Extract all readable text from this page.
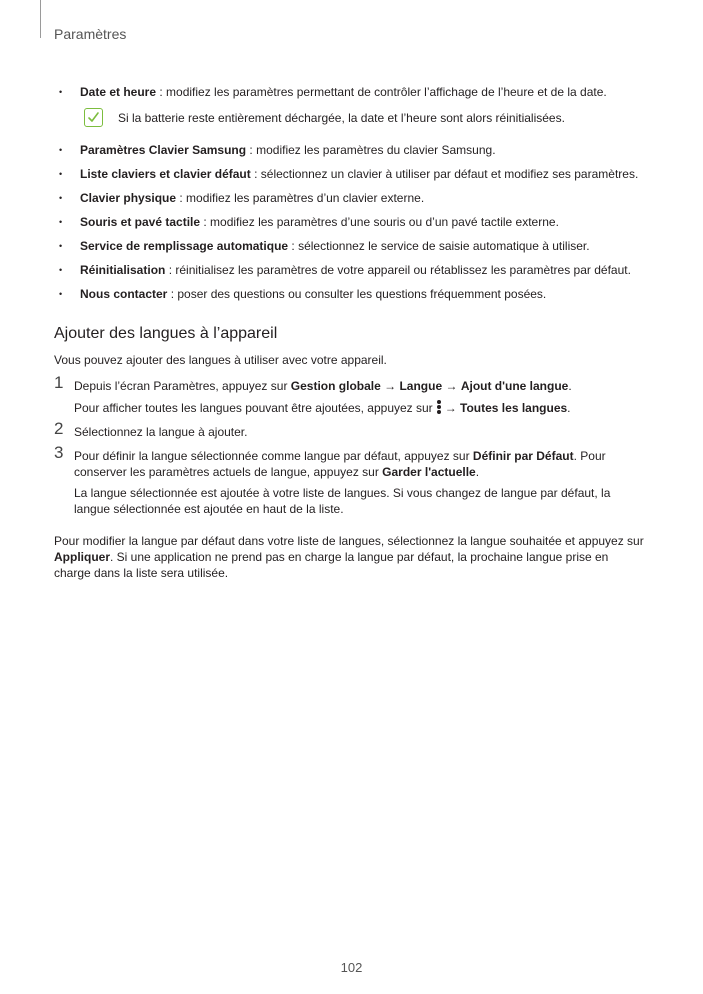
Paramètres
• Date et heure : modifiez les paramètres permettant de contrôler l’affichage de l’heure et de la date.
Si la batterie reste entièrement déchargée, la date et l’heure sont alors réinitialisées.
• Paramètres Clavier Samsung : modifiez les paramètres du clavier Samsung.
• Liste claviers et clavier défaut : sélectionnez un clavier à utiliser par défaut et modifiez ses paramètres.
• Clavier physique : modifiez les paramètres d’un clavier externe.
• Souris et pavé tactile : modifiez les paramètres d’une souris ou d’un pavé tactile externe.
• Service de remplissage automatique : sélectionnez le service de saisie automatique à utiliser.
• Réinitialisation : réinitialisez les paramètres de votre appareil ou rétablissez les paramètres par défaut.
• Nous contacter : poser des questions ou consulter les questions fréquemment posées.
Ajouter des langues à l’appareil

Vous pouvez ajouter des langues à utiliser avec votre appareil.

1 Depuis l’écran Paramètres, appuyez sur Gestion globale → Langue → Ajout d'une langue.
Pour afficher toutes les langues pouvant être ajoutées, appuyez sur → Toutes les langues.
2 Sélectionnez la langue à ajouter.
3 Pour définir la langue sélectionnée comme langue par défaut, appuyez sur Définir par Défaut. Pour conserver les paramètres actuels de langue, appuyez sur Garder l'actuelle.
La langue sélectionnée est ajoutée à votre liste de langues. Si vous changez de langue par défaut, la langue sélectionnée est ajoutée en haut de la liste.

Pour modifier la langue par défaut dans votre liste de langues, sélectionnez la langue souhaitée et appuyez sur Appliquer. Si une application ne prend pas en charge la langue par défaut, la prochaine langue prise en charge dans la liste sera utilisée.

102
